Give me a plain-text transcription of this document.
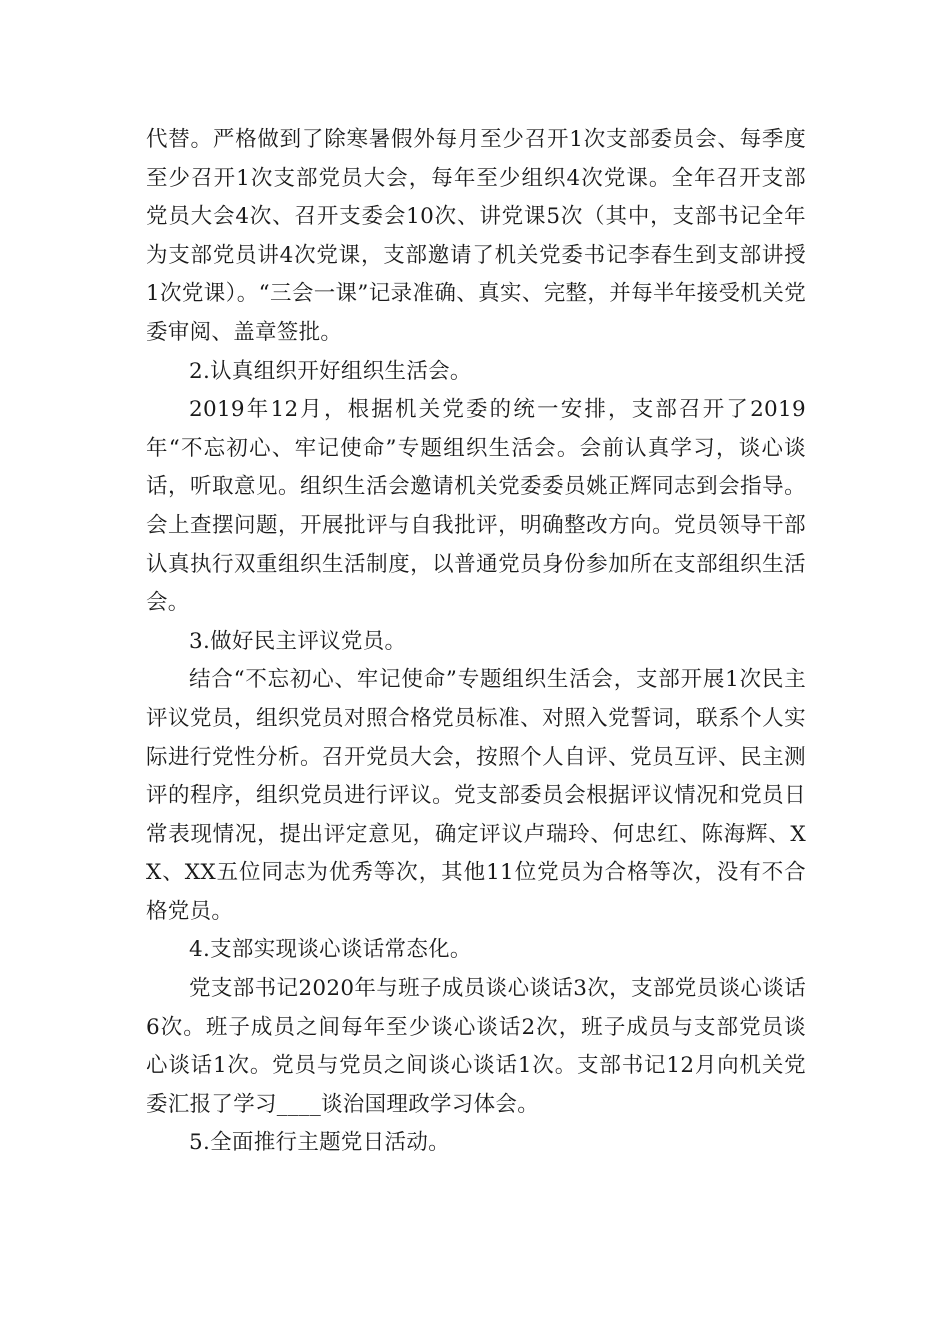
代替。严格做到了除寒暑假外每月至少召开1次支部委员会、每季度至少召开1次支部党员大会，每年至少组织4次党课。全年召开支部党员大会4次、召开支委会10次、讲党课5次（其中，支部书记全年为支部党员讲4次党课，支部邀请了机关党委书记李春生到支部讲授1次党课）。“三会一课”记录准确、真实、完整，并每半年接受机关党委审阅、盖章签批。

2.认真组织开好组织生活会。

2019年12月，根据机关党委的统一安排，支部召开了2019年“不忘初心、牢记使命”专题组织生活会。会前认真学习，谈心谈话，听取意见。组织生活会邀请机关党委委员姚正辉同志到会指导。会上查摆问题，开展批评与自我批评，明确整改方向。党员领导干部认真执行双重组织生活制度，以普通党员身份参加所在支部组织生活会。

3.做好民主评议党员。

结合“不忘初心、牢记使命”专题组织生活会，支部开展1次民主评议党员，组织党员对照合格党员标准、对照入党誓词，联系个人实际进行党性分析。召开党员大会，按照个人自评、党员互评、民主测评的程序，组织党员进行评议。党支部委员会根据评议情况和党员日常表现情况，提出评定意见，确定评议卢瑞玲、何忠红、陈海辉、XX、XX五位同志为优秀等次，其他11位党员为合格等次，没有不合格党员。

4.支部实现谈心谈话常态化。

党支部书记2020年与班子成员谈心谈话3次，支部党员谈心谈话6次。班子成员之间每年至少谈心谈话2次，班子成员与支部党员谈心谈话1次。党员与党员之间谈心谈话1次。支部书记12月向机关党委汇报了学习____谈治国理政学习体会。

5.全面推行主题党日活动。
